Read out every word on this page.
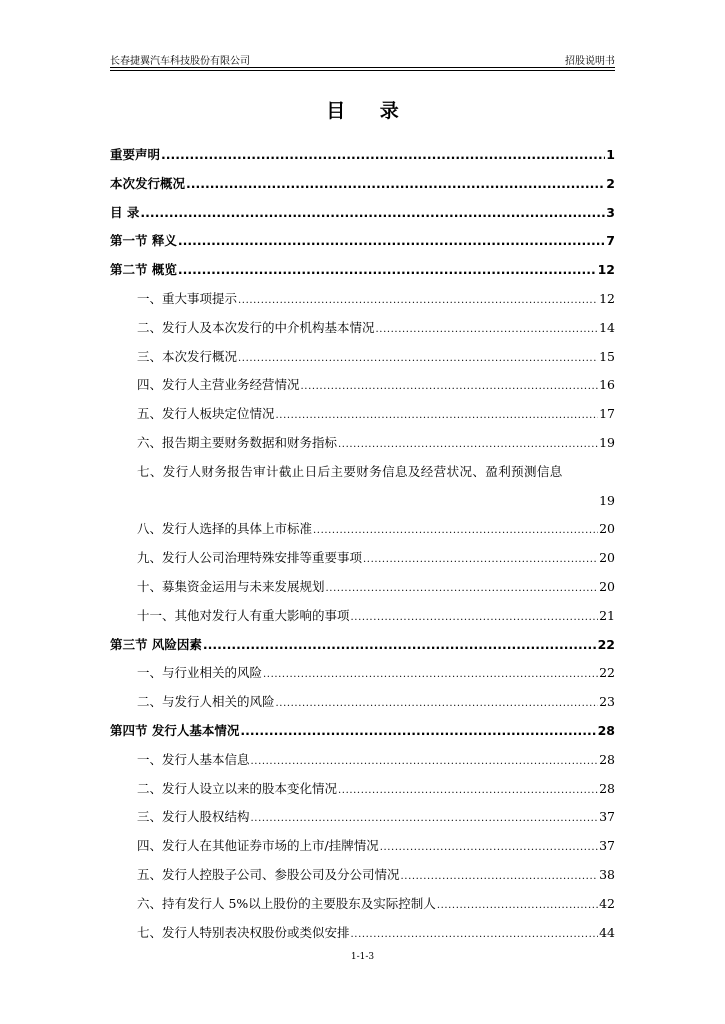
长春捷翼汽车科技股份有限公司	招股说明书
目 录
重要声明 .....	1
本次发行概况 .....	2
目 录 .....	3
第一节 释义 .....	7
第二节 概览 .....	12
一、重大事项提示 .....	12
二、发行人及本次发行的中介机构基本情况 .....	14
三、本次发行概况 .....	15
四、发行人主营业务经营情况 .....	16
五、发行人板块定位情况 .....	17
六、报告期主要财务数据和财务指标 .....	19
七、发行人财务报告审计截止日后主要财务信息及经营状况、盈利预测信息
19
八、发行人选择的具体上市标准 .....	20
九、发行人公司治理特殊安排等重要事项 .....	20
十、募集资金运用与未来发展规划 .....	20
十一、其他对发行人有重大影响的事项 .....	21
第三节 风险因素 .....	22
一、与行业相关的风险 .....	22
二、与发行人相关的风险 .....	23
第四节 发行人基本情况 .....	28
一、发行人基本信息 .....	28
二、发行人设立以来的股本变化情况 .....	28
三、发行人股权结构 .....	37
四、发行人在其他证券市场的上市/挂牌情况 .....	37
五、发行人控股子公司、参股公司及分公司情况 .....	38
六、持有发行人 5%以上股份的主要股东及实际控制人 .....	42
七、发行人特别表决权股份或类似安排 .....	44
1-1-3
